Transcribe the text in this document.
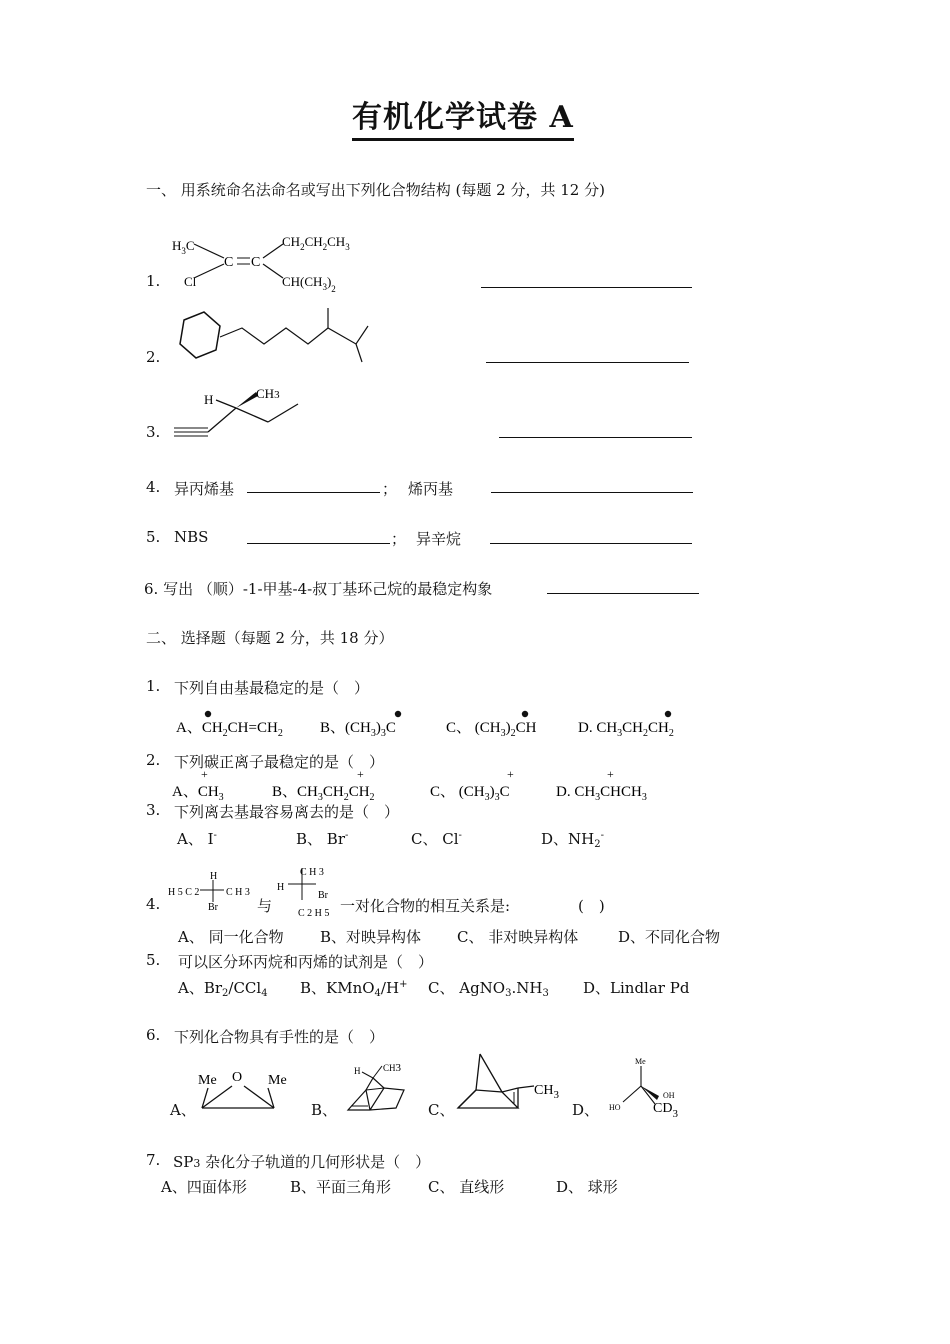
有机化学试卷 A
一、 用系统命名法命名或写出下列化合物结构 (每题 2 分，共 12 分)
1.
$H_3C$
C C
$CH_2CH_2CH_3$
Cl	$CH(CH_3)_2$
2.
3.
H	CH3
4. 异丙烯基	； 烯丙基
5. NBS	； 异辛烷
6. 写出 （顺）-1-甲基-4-叔丁基环己烷的最稳定构象
二、 选择题（每题 2 分，共 18 分）
1. 下列自由基最稳定的是（　）
A、$CH_2CH=CH_2$ B、$(CH_3)_3C$	C、 $(CH_3)_2CH$	D. $CH_3CH_2CH_2$
2. 下列碳正离子最稳定的是（　）
A、$CH_3$
+
B、$CH_3CH_2CH_2$
+
C、 $(CH_3)_3C$
+
D. $CH_3CHCH_3$
+
3. 下列离去基最容易离去的是（　）
A、 I-	B、 Br-	C、 Cl-	D、$NH_2^-$
4.
H
H 5 C 2	C H 3
Br	与
C H 3
H
Br
C 2 H 5 一对化合物的相互关系是:	(　)
A、 同一化合物 B、对映异构体 C、 非对映异构体	D、不同化合物
5. 可以区分环丙烷和丙烯的试剂是（　）
A、$Br_2/CCl_4$ B、KMnO$_4$/H+ C、 $AgNO_3.NH_3$ D、Lindlar Pd
6. 下列化合物具有手性的是（　）
A、
Me O Me
B、
H	CH3
C、
$CH_3$
D、
Me
OH
HO $CD_3$
7. SP3 杂化分子轨道的几何形状是（　）
A、四面体形	B、平面三角形 C、 直线形	D、 球形
